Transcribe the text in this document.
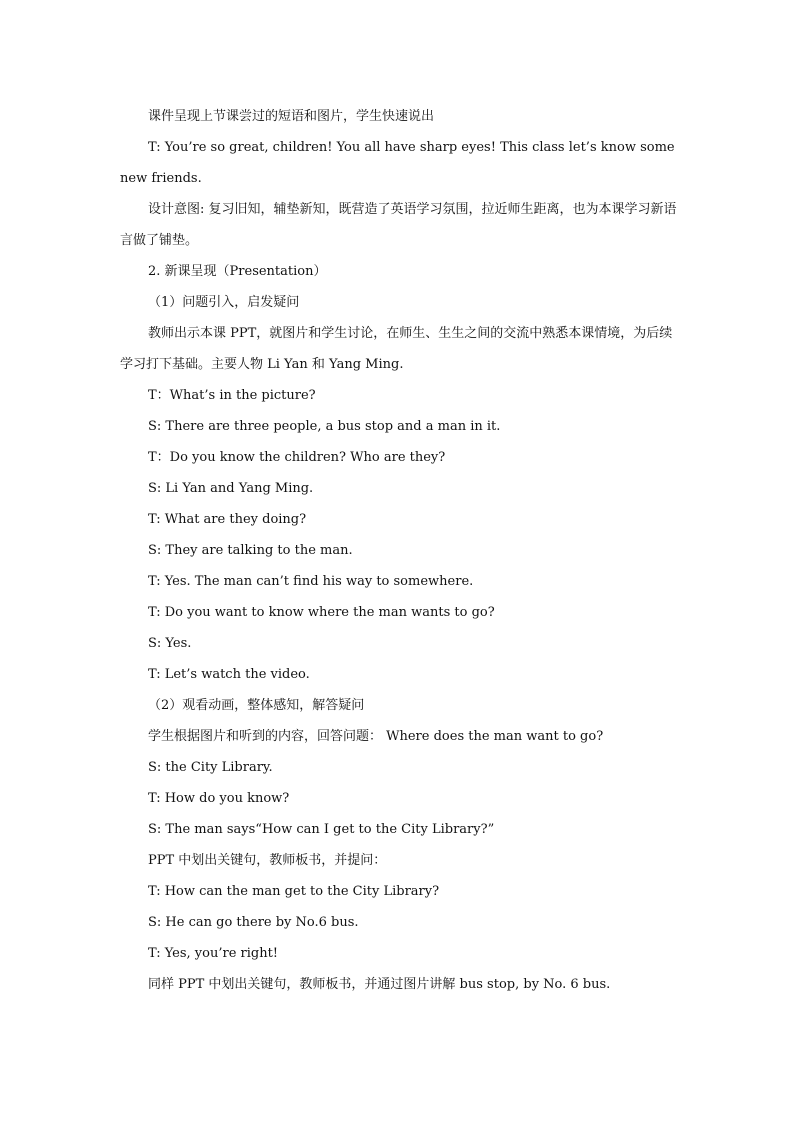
课件呈现上节课尝过的短语和图片，学生快速说出

T: You’re so great, children! You all have sharp eyes! This class let’s know some new friends.

设计意图: 复习旧知，辅垫新知，既营造了英语学习氛围，拉近师生距离，也为本课学习新语言做了铺垫。

2. 新课呈现（Presentation）

（1）问题引入，启发疑问

教师出示本课 PPT，就图片和学生讨论，在师生、生生之间的交流中熟悉本课情境，为后续学习打下基础。主要人物 Li Yan 和 Yang Ming.

T：What’s in the picture?

S: There are three people, a bus stop and a man in it.

T：Do you know the children? Who are they?

S: Li Yan and Yang Ming.

T: What are they doing?

S: They are talking to the man.

T: Yes. The man can’t find his way to somewhere.

T: Do you want to know where the man wants to go?

S: Yes.

T: Let’s watch the video.

（2）观看动画，整体感知，解答疑问

学生根据图片和听到的内容，回答问题： Where does the man want to go?

S: the City Library.

T: How do you know?

S: The man says“How can I get to the City Library?”

PPT 中划出关键句，教师板书，并提问：

T: How can the man get to the City Library?

S: He can go there by No.6 bus.

T: Yes, you’re right!

同样 PPT 中划出关键句，教师板书，并通过图片讲解 bus stop, by No. 6 bus.
